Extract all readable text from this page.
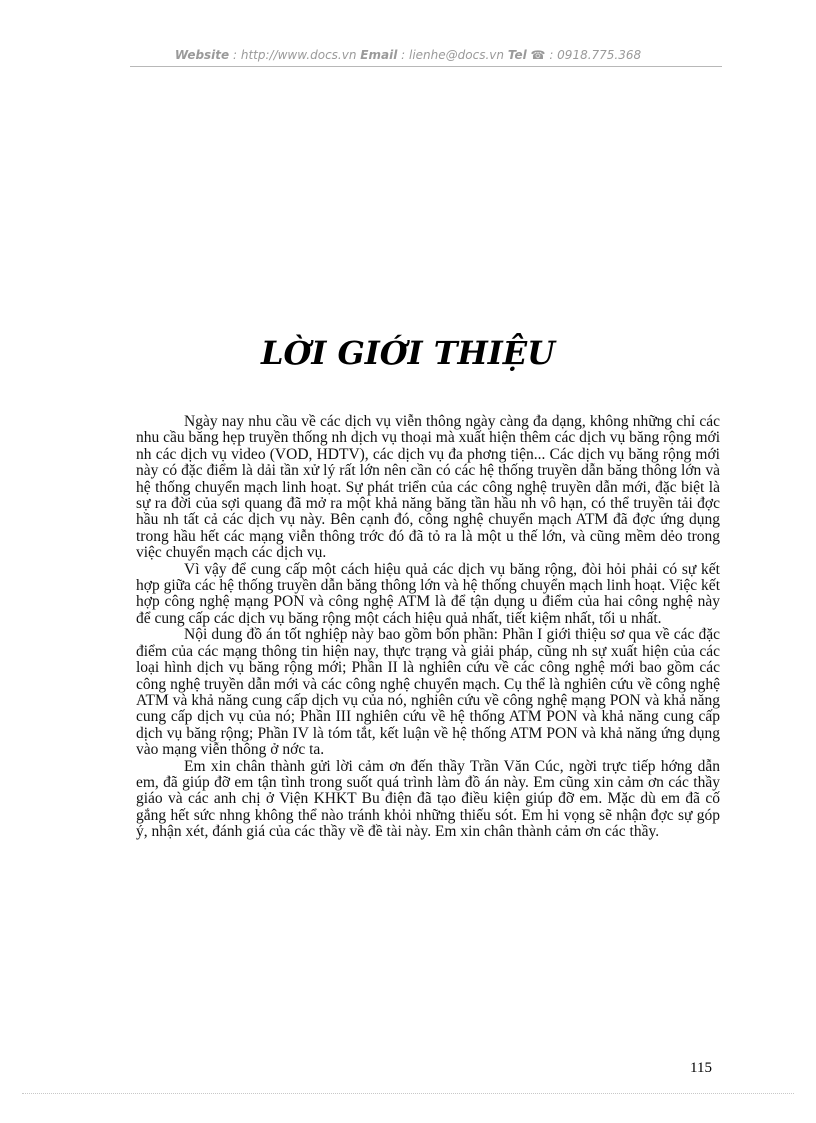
Website : http://www.docs.vn Email : lienhe@docs.vn Tel ☎ : 0918.775.368
LỜI GIỚI THIỆU

Ngày nay nhu cầu về các dịch vụ viễn thông ngày càng đa dạng, không những chỉ các nhu cầu băng hẹp truyền thống nh dịch vụ thoại mà xuất hiện thêm các dịch vụ băng rộng mới nh các dịch vụ video (VOD, HDTV), các dịch vụ đa phơng tiện... Các dịch vụ băng rộng mới này có đặc điểm là dải tần xử lý rất lớn nên cần có các hệ thống truyền dẫn băng thông lớn và hệ thống chuyển mạch linh hoạt. Sự phát triển của các công nghệ truyền dẫn mới, đặc biệt là sự ra đời của sợi quang đã mở ra một khả năng băng tần hầu nh vô hạn, có thể truyền tải đợc hầu nh tất cả các dịch vụ này. Bên cạnh đó, công nghệ chuyển mạch ATM đã đợc ứng dụng trong hầu hết các mạng viễn thông trớc đó đã tỏ ra là một u thế lớn, và cũng mềm dẻo trong việc chuyển mạch các dịch vụ.

Vì vậy để cung cấp một cách hiệu quả các dịch vụ băng rộng, đòi hỏi phải có sự kết hợp giữa các hệ thống truyền dẫn băng thông lớn và hệ thống chuyển mạch linh hoạt. Việc kết hợp công nghệ mạng PON và công nghệ ATM là để tận dụng u điểm của hai công nghệ này để cung cấp các dịch vụ băng rộng một cách hiệu quả nhất, tiết kiệm nhất, tối u nhất.

Nội dung đồ án tốt nghiệp này bao gồm bốn phần: Phần I giới thiệu sơ qua về các đặc điểm của các mạng thông tin hiện nay, thực trạng và giải pháp, cũng nh sự xuất hiện của các loại hình dịch vụ băng rộng mới; Phần II là nghiên cứu về các công nghệ mới bao gồm các công nghệ truyền dẫn mới và các công nghệ chuyển mạch. Cụ thể là nghiên cứu về công nghệ ATM và khả năng cung cấp dịch vụ của nó, nghiên cứu về công nghệ mạng PON và khả năng cung cấp dịch vụ của nó; Phần III nghiên cứu về hệ thống ATM PON và khả năng cung cấp dịch vụ băng rộng; Phần IV là tóm tắt, kết luận về hệ thống ATM PON và khả năng ứng dụng vào mạng viễn thông ở nớc ta.

Em xin chân thành gửi lời cảm ơn đến thầy Trần Văn Cúc, ngời trực tiếp hớng dẫn em, đã giúp đỡ em tận tình trong suốt quá trình làm đồ án này. Em cũng xin cảm ơn các thầy giáo và các anh chị ở Viện KHKT Bu điện đã tạo điều kiện giúp đỡ em. Mặc dù em đã cố gắng hết sức nhng không thể nào tránh khỏi những thiếu sót. Em hi vọng sẽ nhận đợc sự góp ý, nhận xét, đánh giá của các thầy về đề tài này. Em xin chân thành cảm ơn các thầy.

115
